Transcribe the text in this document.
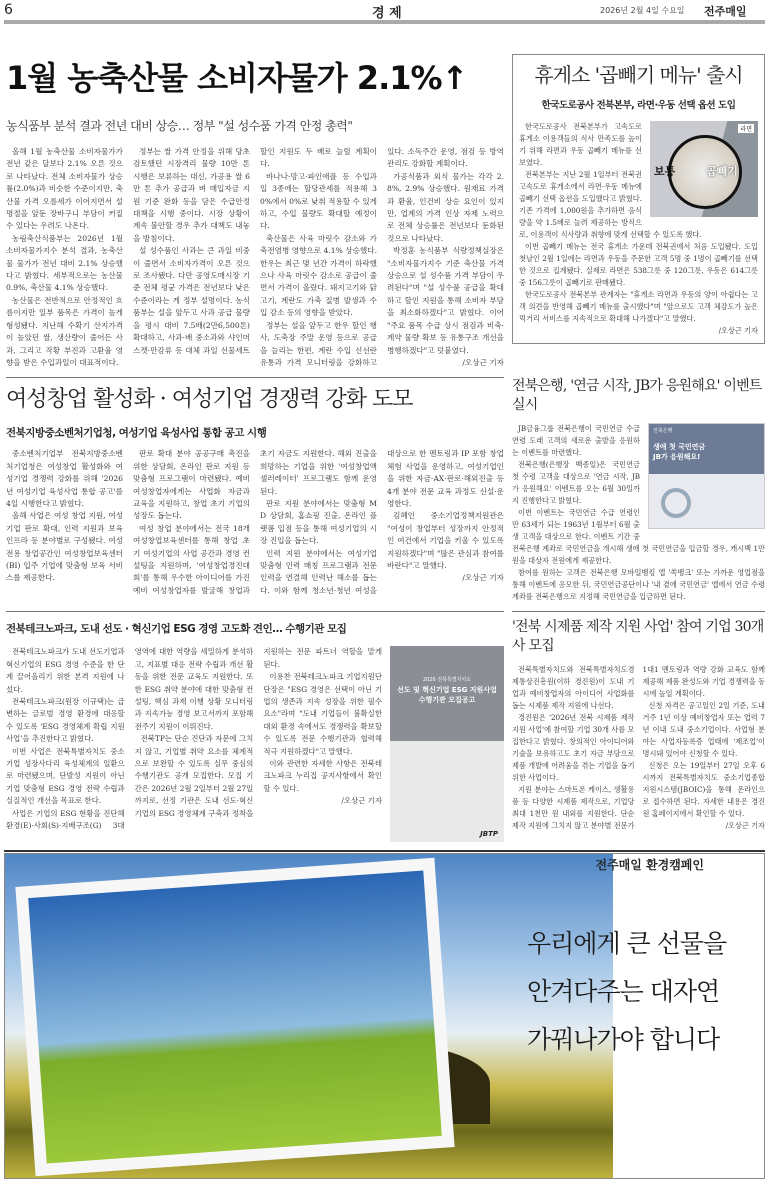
6	경 제	2026년 2월 4일 수요일 전주매일
1월 농축산물 소비자물가 2.1%↑
농식품부 분석 결과 전년 대비 상승… 정부 "설 성수품 가격 안정 총력"

올해 1월 농축산물 소비자물가가 전년 같은 달보다 2.1% 오른 것으로 나타났다. 전체 소비자물가 상승률(2.0%)과 비슷한 수준이지만, 축산물 가격 오름세가 이어지면서 설 명절을 앞둔 장바구니 부담이 커질 수 있다는 우려도 나온다.

농림축산식품부는 2026년 1월 소비자물가지수 분석 결과, 농축산물 물가가 전년 대비 2.1% 상승했다고 밝혔다. 세부적으로는 농산물 0.9%, 축산물 4.1% 상승했다.

농산물은 전반적으로 안정적인 흐름이지만 일부 품목은 가격이 높게 형성됐다. 지난해 수확기 산지가격이 높았던 쌀, 생산량이 줄어든 사과, 그리고 작황 부진과 고환율 영향을 받은 수입과일이 대표적이다.

정부는 쌀 가격 안정을 위해 당초 검토했던 시장격리 물량 10만 톤 시행은 보류하는 대신, 가공용 쌀 6만 톤 추가 공급과 벼 매입자금 지원 기준 완화 등을 담은 수급안정 대책을 시행 중이다. 시장 상황이 계속 불안할 경우 추가 대책도 내놓을 방침이다.

설 성수품인 사과는 큰 과일 비중이 줄면서 소비자가격이 오른 것으로 조사됐다. 다만 공영도매시장 기준 전체 평균 가격은 전년보다 낮은 수준이라는 게 정부 설명이다. 농식품부는 설을 앞두고 사과 공급 물량을 평시 대비 7.5배(2만6,500톤) 확대하고, 사과·배 중소과와 샤인머스켓·만감류 등 대체 과일 선물세트 할인 지원도 두 배로 늘릴 계획이다.

바나나·망고·파인애플 등 수입과일 3종에는 할당관세를 적용해 30%에서 0%로 낮춰 적용할 수 있게 하고, 수입 물량도 확대할 예정이다.

축산물은 사육 마릿수 감소와 가축전염병 영향으로 4.1% 상승했다. 한우는 최근 몇 년간 가격이 하락했으나 사육 마릿수 감소로 공급이 줄면서 가격이 올랐다. 돼지고기와 닭고기, 계란도 가축 질병 발생과 수입 감소 등의 영향을 받았다.

정부는 설을 앞두고 한우 할인 행사, 도축장 주말 운영 등으로 공급을 늘리는 한편, 계란 수입 신선란 유통과 가격 모니터링을 강화하고 있다. 소독주간 운영, 점검 등 방역 관리도 강화할 계획이다.

가공식품과 외식 물가는 각각 2.8%, 2.9% 상승했다. 원재료 가격과 환율, 인건비 상승 요인이 있지만, 업계의 가격 인상 자제 노력으로 전체 상승률은 전년보다 둔화된 것으로 나타났다.

박정훈 농식품부 식량정책실장은 "소비자물가지수 기준 축산물 가격 상승으로 설 성수품 가격 부담이 우려된다"며 "설 성수품 공급을 확대하고 할인 지원을 통해 소비자 부담을 최소화하겠다"고 밝혔다. 이어 "주요 품목 수급 상시 점검과 비축·계약 물량 확보 등 유통구조 개선을 병행하겠다"고 덧붙였다.

/오상근 기자

휴게소 '곱빼기 메뉴' 출시
한국도로공사 전북본부, 라면·우동 선택 옵션 도입
라면
보통	곱빼기

한국도로공사 전북본부가 고속도로 휴게소 이용객들의 식사 만족도를 높이기 위해 라면과 우동 곱빼기 메뉴를 선보였다.

전북본부는 지난 2월 1일부터 전북권 고속도로 휴게소에서 라면·우동 메뉴에 곱빼기 선택 옵션을 도입했다고 밝혔다. 기존 가격에 1,000원을 추가하면 음식량을 약 1.5배로 늘려 제공하는 방식으로, 이용객이 식사량과 취향에 맞게 선택할 수 있도록 했다.

이번 곱빼기 메뉴는 전국 휴게소 가운데 전북권에서 처음 도입됐다. 도입 첫날인 2월 1일에는 라면과 우동을 주문한 고객 5명 중 1명이 곱빼기를 선택한 것으로 집계됐다. 실제로 라면은 538그릇 중 120그릇, 우동은 614그릇 중 156그릇이 곱빼기로 판매됐다.

한국도로공사 전북본부 관계자는 "휴게소 라면과 우동의 양이 아쉽다는 고객 의견을 반영해 곱빼기 메뉴를 출시했다"며 "앞으로도 고객 체감도가 높은 먹거리 서비스를 지속적으로 확대해 나가겠다"고 말했다.

/오상근 기자

여성창업 활성화 · 여성기업 경쟁력 강화 도모
전북지방중소벤처기업청, 여성기업 육성사업 통합 공고 시행

중소벤처기업부 전북지방중소벤처기업청은 여성창업 활성화와 여성기업 경쟁력 강화를 위해 '2026년 여성기업 육성사업 통합 공고'를 4일 시행한다고 밝혔다.

올해 사업은 여성 창업 지원, 여성기업 판로 확대, 인력 지원과 보육 인프라 등 분야별로 구성됐다. 여성 전용 창업공간인 여성창업보육센터(BI) 입주 기업에 맞춤형 보육 서비스를 제공한다.

판로 확대 분야 공공구매 촉진을 위한 상담회, 온라인 판로 지원 등 맞춤형 프로그램이 마련됐다. 예비 여성창업자에게는 사업화 자금과 교육을 지원하고, 창업 초기 기업의 성장도 돕는다.

여성 창업 분야에서는 전국 18개 여성창업보육센터를 통해 창업 초기 여성기업의 사업 공간과 경영 컨설팅을 지원하며, '여성창업경진대회'를 통해 우수한 아이디어를 가진 예비 여성창업자를 발굴해 창업과 초기 자금도 지원한다. 해외 진출을 희망하는 기업을 위한 '여성창업액셀러레이터' 프로그램도 함께 운영된다.

판로 지원 분야에서는 맞춤형 MD 상담회, 홈쇼핑 진출, 온라인 플랫폼 입점 등을 통해 여성기업의 시장 진입을 돕는다.

인력 지원 분야에서는 여성기업 맞춤형 인력 매칭 프로그램과 전문 인력을 연결해 인력난 해소를 돕는다. 이와 함께 청소년·청년 여성을 대상으로 한 멘토링과 IP 포함 창업체험 사업을 운영하고, 여성기업인을 위한 자금·AX·판로·해외진출 등 4개 분야 전문 교육 과정도 신설·운영한다.

김혜인 중소기업정책지원관은 "여성이 창업부터 성장까지 안정적인 여건에서 기업을 키울 수 있도록 지원하겠다"며 "많은 관심과 참여를 바란다"고 말했다.

/오상근 기자

전북은행, '연금 시작, JB가 응원해요' 이벤트 실시
전북은행
생애 첫 국민연금
JB가 응원해요!

JB금융그룹 전북은행이 국민연금 수급 연령 도래 고객의 새로운 출발을 응원하는 이벤트를 마련했다.

전북은행(은행장 백종일)은 국민연금 첫 수령 고객을 대상으로 '연금 시작, JB가 응원해요' 이벤트를 오는 6월 30일까지 진행한다고 밝혔다.

이번 이벤트는 국민연금 수급 연령인 만 63세가 되는 1963년 1월부터 6월 출생 고객을 대상으로 한다. 이벤트 기간 중 전북은행 계좌로 국민연금을 개시해 생애 첫 국민연금을 입금할 경우, 캐시백 1만 원을 대상자 전원에게 제공한다.

참여를 원하는 고객은 전북은행 모바일뱅킹 앱 '쏙뱅크' 또는 가까운 영업점을 통해 이벤트에 응모한 뒤, 국민연금공단이나 '내 곁에 국민연금' 앱에서 연금 수령 계좌를 전북은행으로 지정해 국민연금을 입금하면 된다.

전북테크노파크, 도내 선도 · 혁신기업 ESG 경영 고도화 견인… 수행기관 모집

전북테크노파크가 도내 선도기업과 혁신기업의 ESG 경영 수준을 한 단계 끌어올리기 위한 본격 지원에 나섰다.

전북테크노파크(원장 이규택)는 급변하는 글로벌 경영 환경에 대응할 수 있도록 'ESG 경영체계 확립 지원사업'을 추진한다고 밝혔다.

이번 사업은 전북특별자치도 중소기업 성장사다리 육성체계의 일환으로 마련됐으며, 단발성 지원이 아닌 기업 맞춤형 ESG 경영 전략 수립과 실질적인 개선을 목표로 한다.

사업은 기업의 ESG 현황을 진단해 환경(E)·사회(S)·지배구조(G) 3대 영역에 대한 역량을 세밀하게 분석하고, 지표별 대응 전략 수립과 개선 활동을 위한 전문 교육도 지원한다. 또한 ESG 취약 분야에 대한 맞춤형 컨설팅, 핵심 과제 이행 상황 모니터링과 지속가능 경영 보고서까지 포함해 전주기 지원이 이뤄진다.

전북TP는 단순 진단과 자문에 그치지 않고, 기업별 취약 요소를 체계적으로 보완할 수 있도록 실무 중심의 수행기관도 공개 모집한다. 모집 기간은 2026년 2월 2일부터 2월 27일까지로, 선정 기관은 도내 선도·혁신기업의 ESG 경영체계 구축과 정착을 지원하는 전문 파트너 역할을 맡게 된다.

이용찬 전북테크노파크 기업지원단 단장은 "ESG 경영은 선택이 아닌 기업의 생존과 지속 성장을 위한 필수 요소"라며 "도내 기업들이 불확실한 대외 환경 속에서도 경쟁력을 확보할 수 있도록 전문 수행기관과 협력해 적극 지원하겠다"고 말했다.

이와 관련한 자세한 사항은 전북테크노파크 누리집 공지사항에서 확인할 수 있다.

/오상근 기자

2026 전북특별자치도
선도 및 혁신기업 ESG 지원사업
수행기관 모집공고
JBTP
'전북 시제품 제작 지원 사업' 참여 기업 30개사 모집

전북특별자치도와 전북특별자치도경제통상진흥원(이하 경진원)이 도내 기업과 예비창업자의 아이디어 사업화를 돕는 시제품 제작 지원에 나선다.

경진원은 '2026년 전북 시제품 제작 지원 사업'에 참여할 기업 30개 사를 모집한다고 밝혔다. 창의적인 아이디어와 기술을 보유하고도 초기 자금 부담으로 제품 개발에 어려움을 겪는 기업을 돕기 위한 사업이다.

지원 분야는 스마트폰 케이스, 생활용품 등 다양한 시제품 제작으로, 기업당 최대 1천만 원 내외를 지원한다. 단순 제작 지원에 그치지 않고 분야별 전문가 1대1 멘토링과 역량 강화 교육도 함께 제공해 제품 완성도와 기업 경쟁력을 동시에 높일 계획이다.

신청 자격은 공고일인 2일 기준, 도내 거주 1년 이상 예비창업자 또는 업력 7년 이내 도내 중소기업이다. 사업형 분야는 사업자등록증 업태에 '제조업'이 명시돼 있어야 신청할 수 있다.

신청은 오는 19일부터 27일 오후 6시까지 전북특별자치도 중소기업종합지원시스템(JBOIC)을 통해 온라인으로 접수하면 된다. 자세한 내용은 경진원 홈페이지에서 확인할 수 있다.

/오상근 기자

전주매일 환경캠페인
우리에게 큰 선물을
안겨다주는 대자연
가꿔나가야 합니다
